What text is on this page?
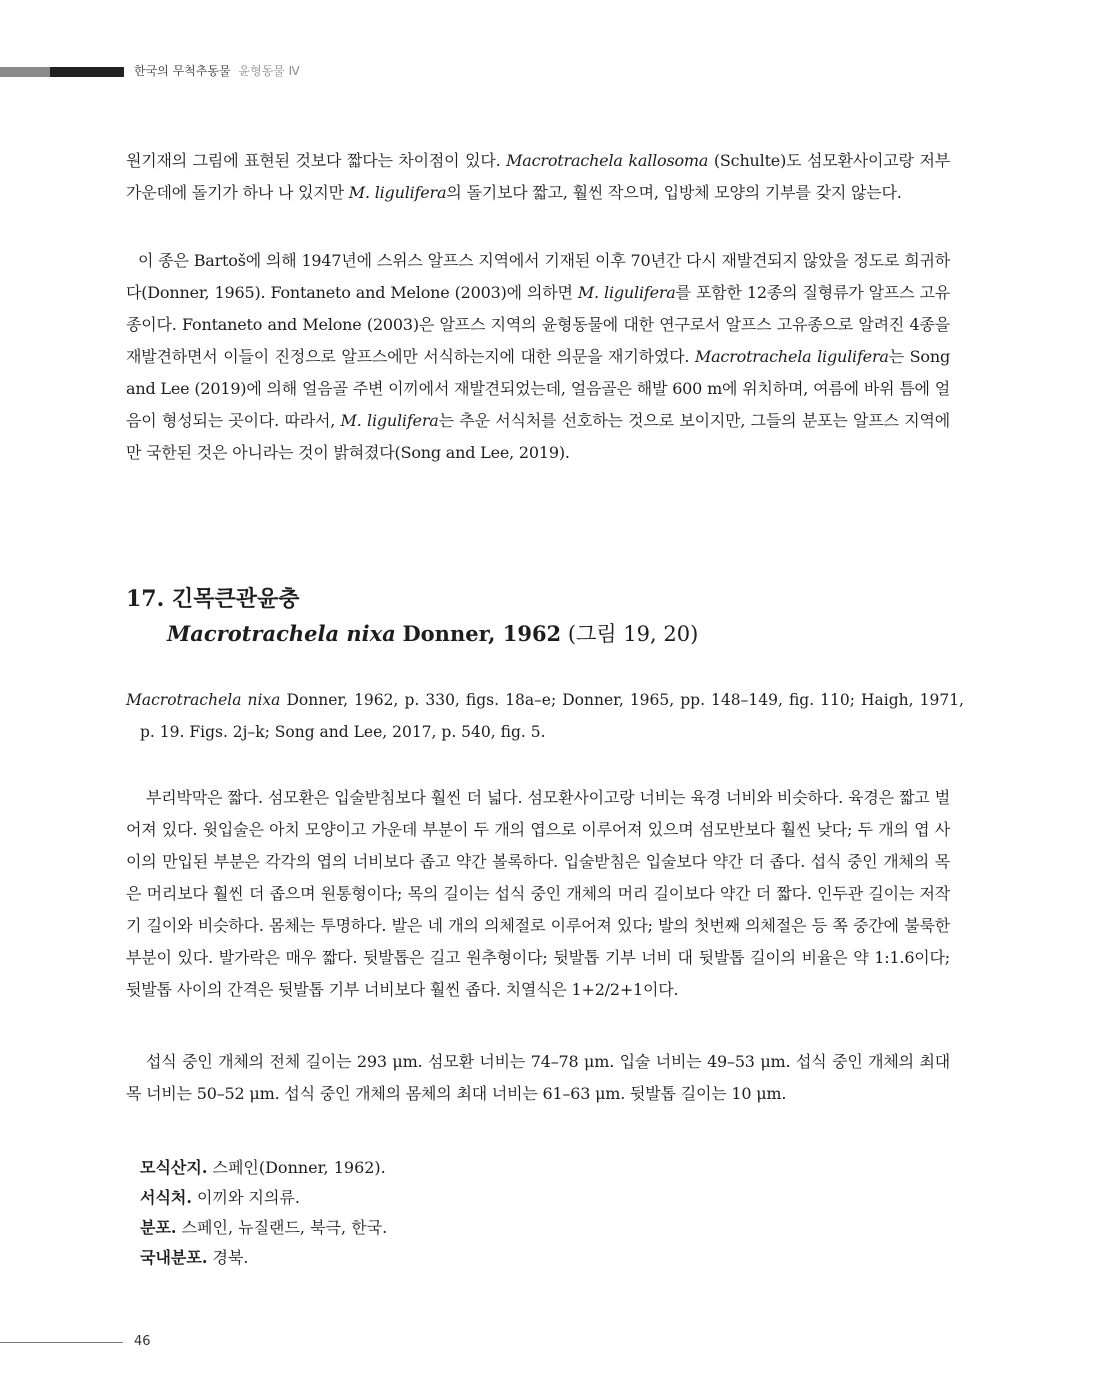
한국의 무척추동물 윤형동물 Ⅳ

원기재의 그림에 표현된 것보다 짧다는 차이점이 있다. Macrotrachela kallosoma (Schulte)도 섬모환사이고랑 저부 가운데에 돌기가 하나 나 있지만 M. ligulifera의 돌기보다 짧고, 훨씬 작으며, 입방체 모양의 기부를 갖지 않는다.

이 종은 Bartoš에 의해 1947년에 스위스 알프스 지역에서 기재된 이후 70년간 다시 재발견되지 않았을 정도로 희귀하다(Donner, 1965). Fontaneto and Melone (2003)에 의하면 M. ligulifera를 포함한 12종의 질형류가 알프스 고유종이다. Fontaneto and Melone (2003)은 알프스 지역의 윤형동물에 대한 연구로서 알프스 고유종으로 알려진 4종을 재발견하면서 이들이 진정으로 알프스에만 서식하는지에 대한 의문을 재기하였다. Macrotrachela ligulifera는 Song and Lee (2019)에 의해 얼음골 주변 이끼에서 재발견되었는데, 얼음골은 해발 600 m에 위치하며, 여름에 바위 틈에 얼음이 형성되는 곳이다. 따라서, M. ligulifera는 추운 서식처를 선호하는 것으로 보이지만, 그들의 분포는 알프스 지역에만 국한된 것은 아니라는 것이 밝혀졌다(Song and Lee, 2019).

17. 긴목큰관윤충
Macrotrachela nixa Donner, 1962 (그림 19, 20)
Macrotrachela nixa Donner, 1962, p. 330, figs. 18a–e; Donner, 1965, pp. 148–149, fig. 110; Haigh, 1971, p. 19. Figs. 2j–k; Song and Lee, 2017, p. 540, fig. 5.

부리박막은 짧다. 섬모환은 입술받침보다 훨씬 더 넓다. 섬모환사이고랑 너비는 육경 너비와 비슷하다. 육경은 짧고 벌어져 있다. 윗입술은 아치 모양이고 가운데 부분이 두 개의 엽으로 이루어져 있으며 섬모반보다 훨씬 낮다; 두 개의 엽 사이의 만입된 부분은 각각의 엽의 너비보다 좁고 약간 볼록하다. 입술받침은 입술보다 약간 더 좁다. 섭식 중인 개체의 목은 머리보다 훨씬 더 좁으며 원통형이다; 목의 길이는 섭식 중인 개체의 머리 길이보다 약간 더 짧다. 인두관 길이는 저작기 길이와 비슷하다. 몸체는 투명하다. 발은 네 개의 의체절로 이루어져 있다; 발의 첫번째 의체절은 등 쪽 중간에 불룩한 부분이 있다. 발가락은 매우 짧다. 뒷발톱은 길고 원추형이다; 뒷발톱 기부 너비 대 뒷발톱 길이의 비율은 약 1:1.6이다; 뒷발톱 사이의 간격은 뒷발톱 기부 너비보다 훨씬 좁다. 치열식은 1+2/2+1이다.

섭식 중인 개체의 전체 길이는 293 μm. 섬모환 너비는 74–78 μm. 입술 너비는 49–53 μm. 섭식 중인 개체의 최대 목 너비는 50–52 μm. 섭식 중인 개체의 몸체의 최대 너비는 61–63 μm. 뒷발톱 길이는 10 μm.

모식산지. 스페인(Donner, 1962).
서식처. 이끼와 지의류.
분포. 스페인, 뉴질랜드, 북극, 한국.
국내분포. 경북.
46
